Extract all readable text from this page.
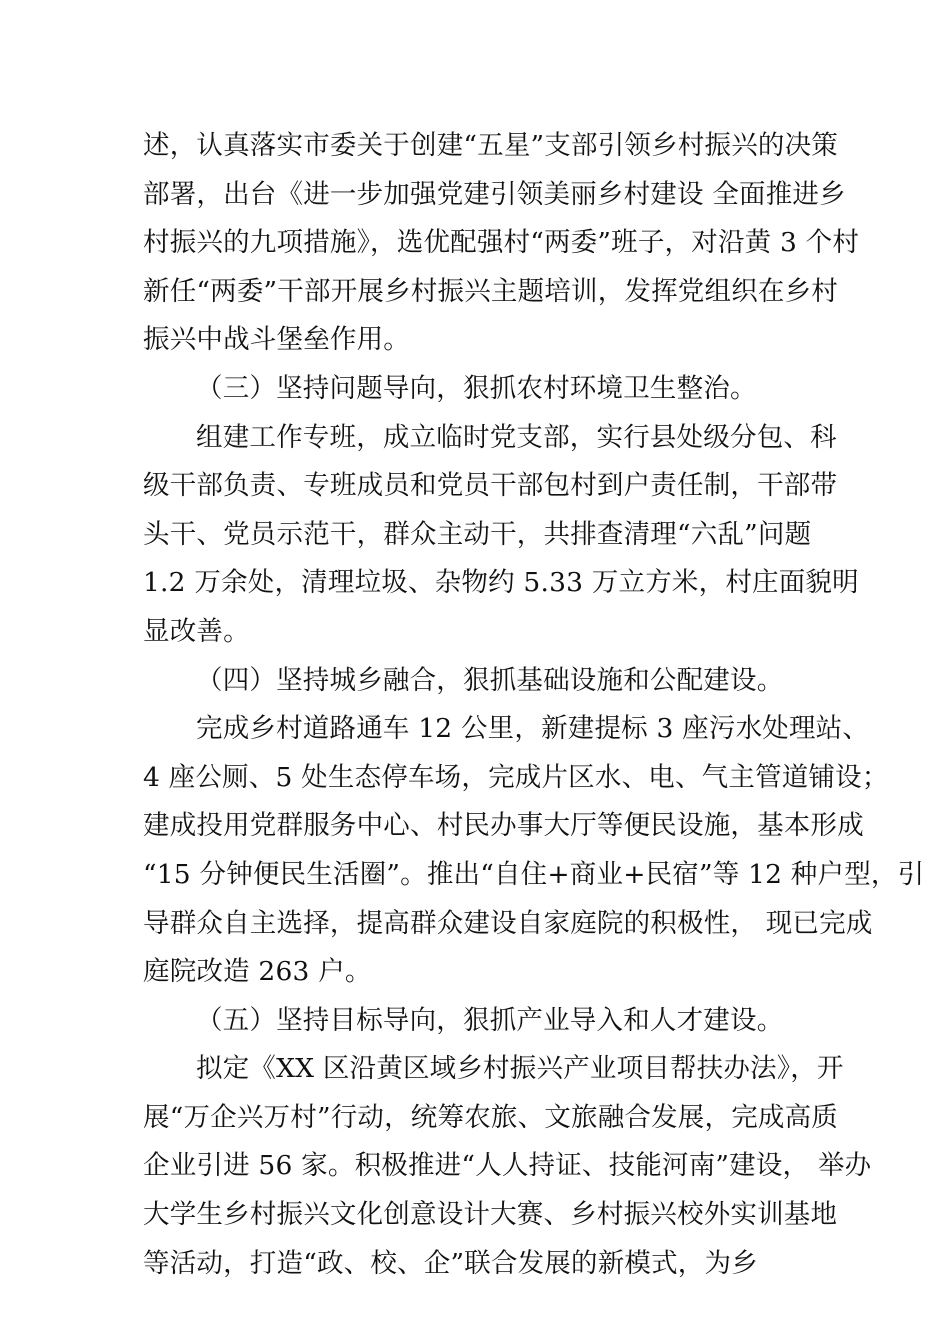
述，认真落实市委关于创建“五星”支部引领乡村振兴的决策
部署，出台《进一步加强党建引领美丽乡村建设 全面推进乡
村振兴的九项措施》，选优配强村“两委”班子，对沿黄 3 个村
新任“两委”干部开展乡村振兴主题培训，发挥党组织在乡村
振兴中战斗堡垒作用。
（三）坚持问题导向，狠抓农村环境卫生整治。
组建工作专班，成立临时党支部，实行县处级分包、科
级干部负责、专班成员和党员干部包村到户责任制，干部带
头干、党员示范干，群众主动干，共排查清理“六乱”问题
1.2 万余处，清理垃圾、杂物约 5.33 万立方米，村庄面貌明
显改善。
（四）坚持城乡融合，狠抓基础设施和公配建设。
完成乡村道路通车 12 公里，新建提标 3 座污水处理站、
4 座公厕、5 处生态停车场，完成片区水、电、气主管道铺设；
建成投用党群服务中心、村民办事大厅等便民设施，基本形成
“15 分钟便民生活圈”。推出“自住+商业+民宿”等 12 种户型，引
导群众自主选择，提高群众建设自家庭院的积极性， 现已完成
庭院改造 263 户。
（五）坚持目标导向，狠抓产业导入和人才建设。
拟定《XX 区沿黄区域乡村振兴产业项目帮扶办法》，开
展“万企兴万村”行动，统筹农旅、文旅融合发展，完成高质
企业引进 56 家。积极推进“人人持证、技能河南”建设， 举办
大学生乡村振兴文化创意设计大赛、乡村振兴校外实训基地
等活动，打造“政、校、企”联合发展的新模式，为乡
